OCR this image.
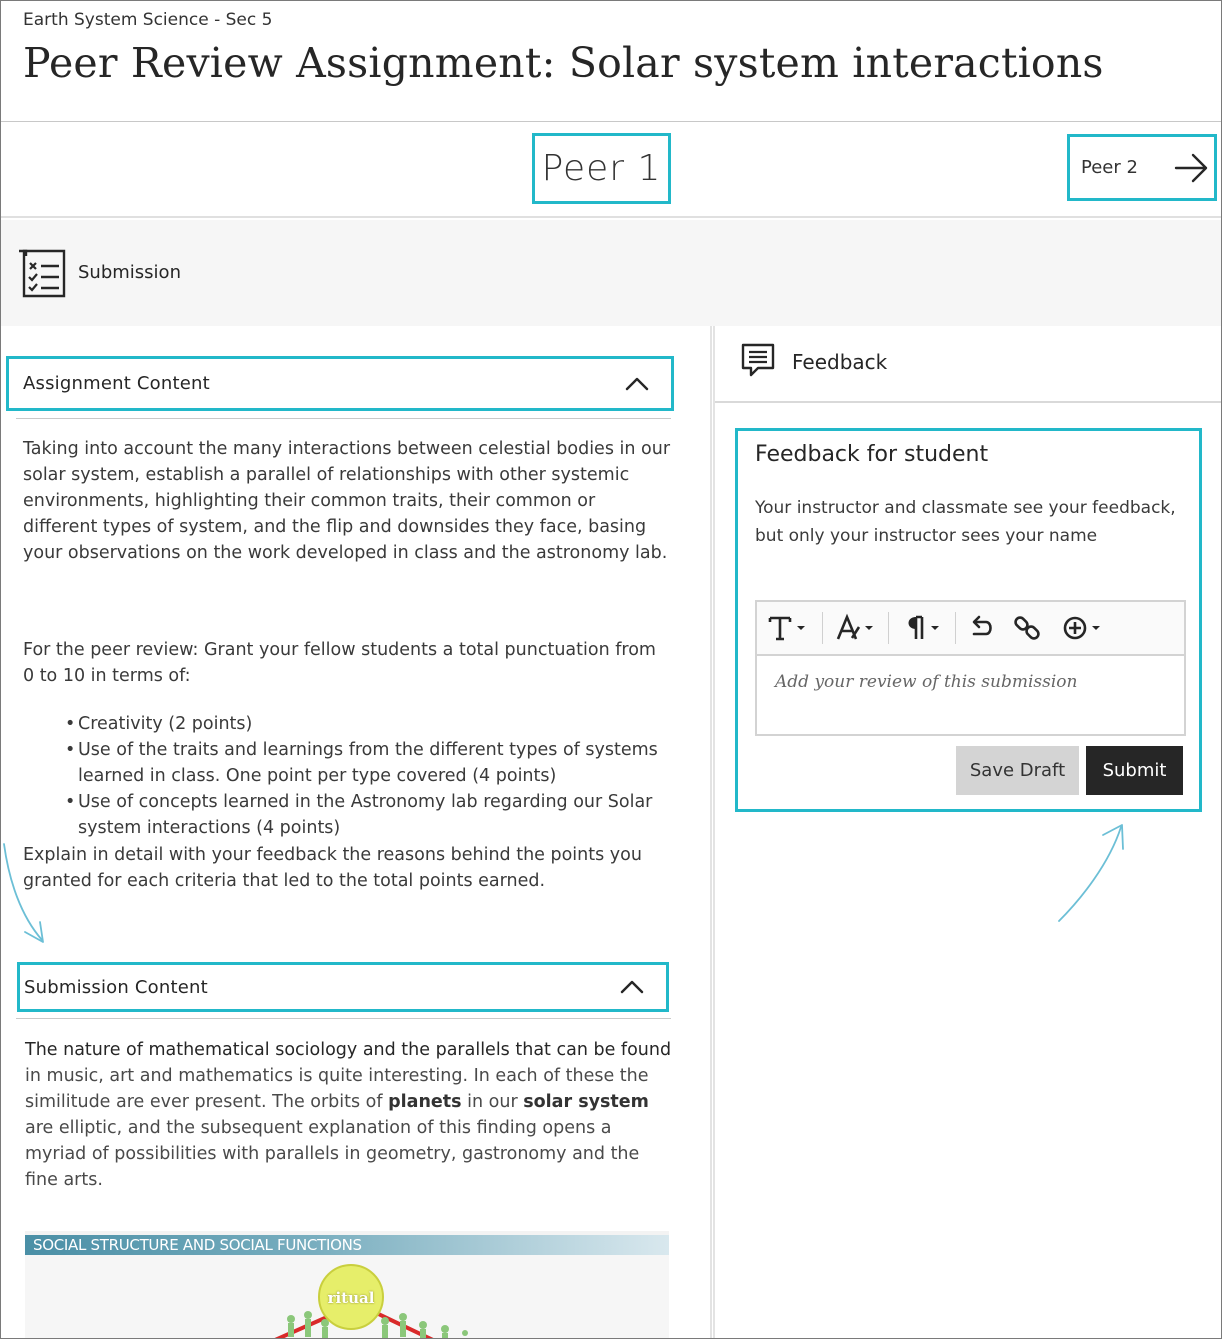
Earth System Science - Sec 5
Peer Review Assignment: Solar system interactions
Peer 1	Peer 2
Submission
Assignment Content
Taking into account the many interactions between celestial bodies in our solar system, establish a parallel of relationships with other systemic environments, highlighting their common traits, their common or different types of system, and the flip and downsides they face, basing your observations on the work developed in class and the astronomy lab.
For the peer review: Grant your fellow students a total punctuation from 0 to 10 in terms of:
• Creativity (2 points)
• Use of the traits and learnings from the different types of systems learned in class. One point per type covered (4 points)
• Use of concepts learned in the Astronomy lab regarding our Solar system interactions (4 points)
Explain in detail with your feedback the reasons behind the points you granted for each criteria that led to the total points earned.
Submission Content
The nature of mathematical sociology and the parallels that can be found in music, art and mathematics is quite interesting. In each of these the similitude are ever present. The orbits of planets in our solar system are elliptic, and the subsequent explanation of this finding opens a myriad of possibilities with parallels in geometry, gastronomy and the fine arts.
SOCIAL STRUCTURE AND SOCIAL FUNCTIONS
ritual
Feedback
Feedback for student
Your instructor and classmate see your feedback, but only your instructor sees your name
Add your review of this submission
Save Draft	Submit
